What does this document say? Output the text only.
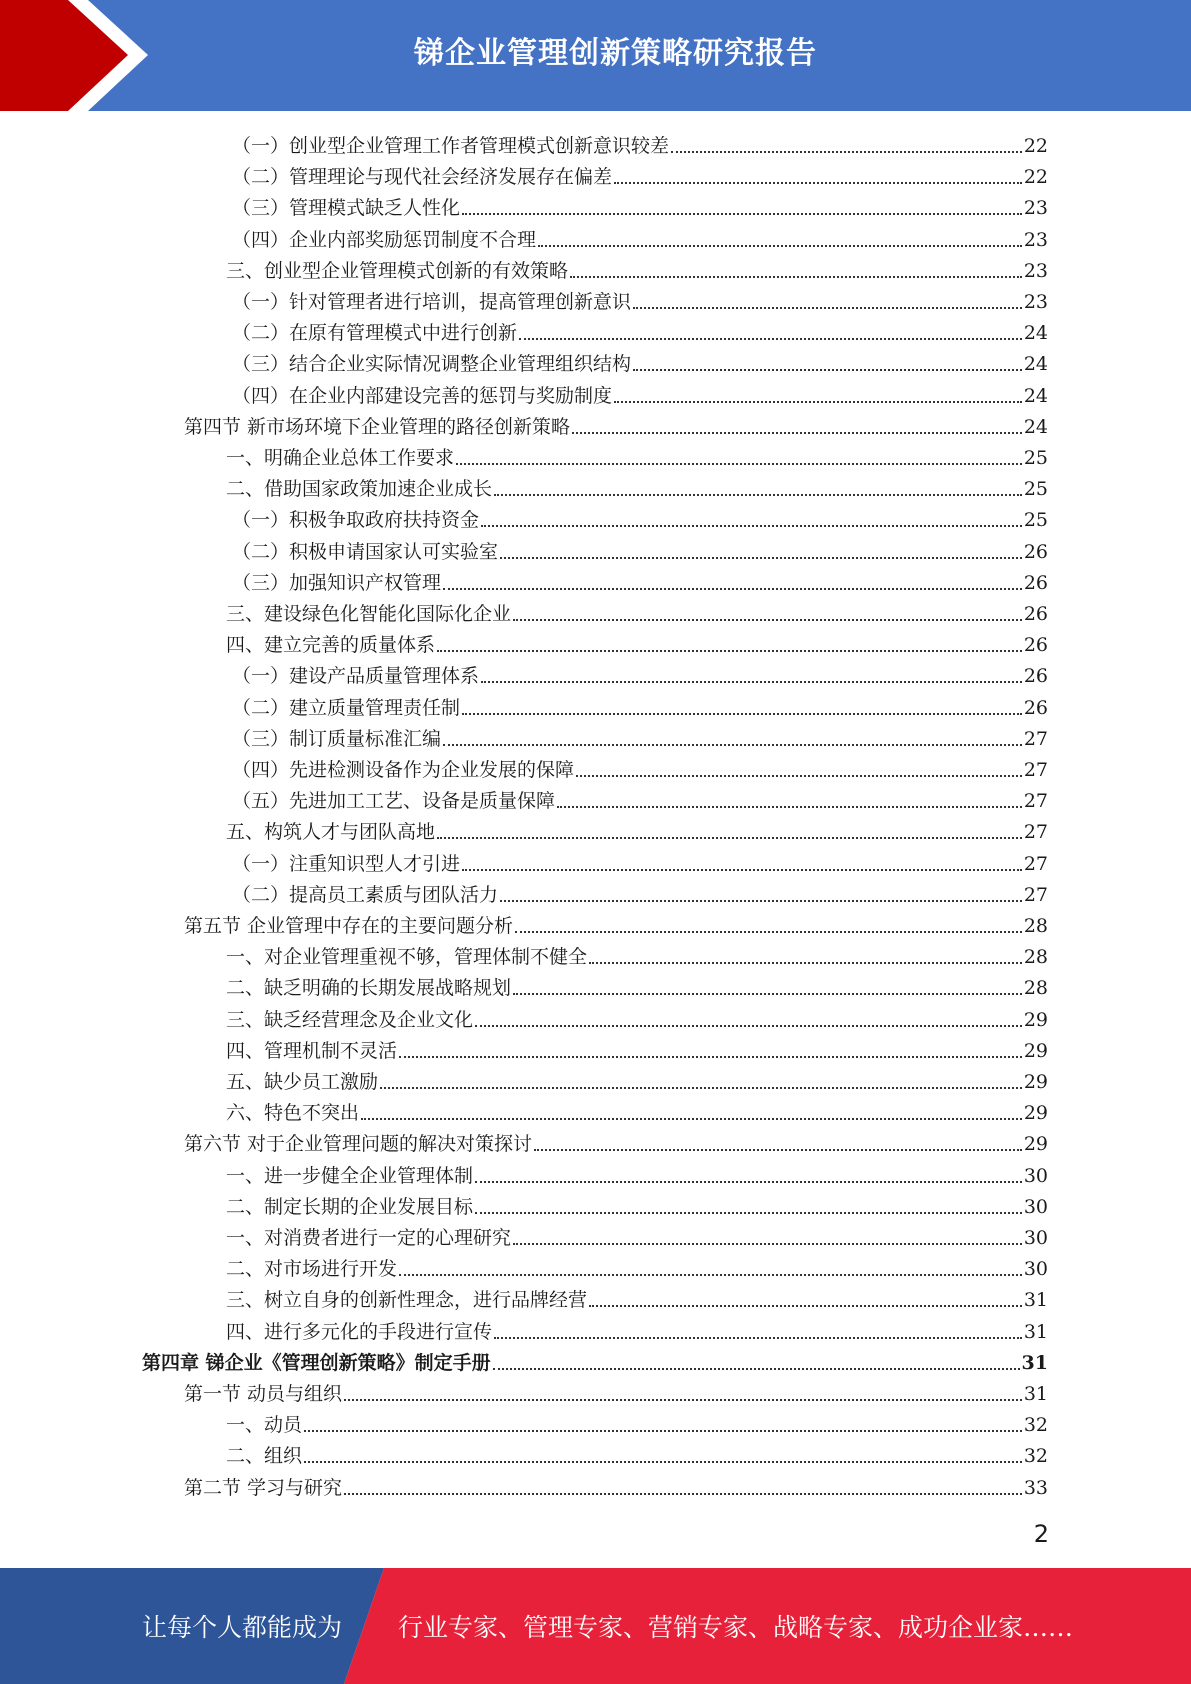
锑企业管理创新策略研究报告
（一）创业型企业管理工作者管理模式创新意识较差	22
（二）管理理论与现代社会经济发展存在偏差	22
（三）管理模式缺乏人性化	23
（四）企业内部奖励惩罚制度不合理	23
三、创业型企业管理模式创新的有效策略	23
（一）针对管理者进行培训，提高管理创新意识	23
（二）在原有管理模式中进行创新	24
（三）结合企业实际情况调整企业管理组织结构	24
（四）在企业内部建设完善的惩罚与奖励制度	24
第四节 新市场环境下企业管理的路径创新策略	24
一、明确企业总体工作要求	25
二、借助国家政策加速企业成长	25
（一）积极争取政府扶持资金	25
（二）积极申请国家认可实验室	26
（三）加强知识产权管理	26
三、建设绿色化智能化国际化企业	26
四、建立完善的质量体系	26
（一）建设产品质量管理体系	26
（二）建立质量管理责任制	26
（三）制订质量标准汇编	27
（四）先进检测设备作为企业发展的保障	27
（五）先进加工工艺、设备是质量保障	27
五、构筑人才与团队高地	27
（一）注重知识型人才引进	27
（二）提高员工素质与团队活力	27
第五节 企业管理中存在的主要问题分析	28
一、对企业管理重视不够，管理体制不健全	28
二、缺乏明确的长期发展战略规划	28
三、缺乏经营理念及企业文化	29
四、管理机制不灵活	29
五、缺少员工激励	29
六、特色不突出	29
第六节 对于企业管理问题的解决对策探讨	29
一、进一步健全企业管理体制	30
二、制定长期的企业发展目标	30
一、对消费者进行一定的心理研究	30
二、对市场进行开发	30
三、树立自身的创新性理念，进行品牌经营	31
四、进行多元化的手段进行宣传	31
第四章 锑企业《管理创新策略》制定手册	31
第一节 动员与组织	31
一、动员	32
二、组织	32
第二节 学习与研究	33
2
让每个人都能成为	行业专家、管理专家、营销专家、战略专家、成功企业家……
